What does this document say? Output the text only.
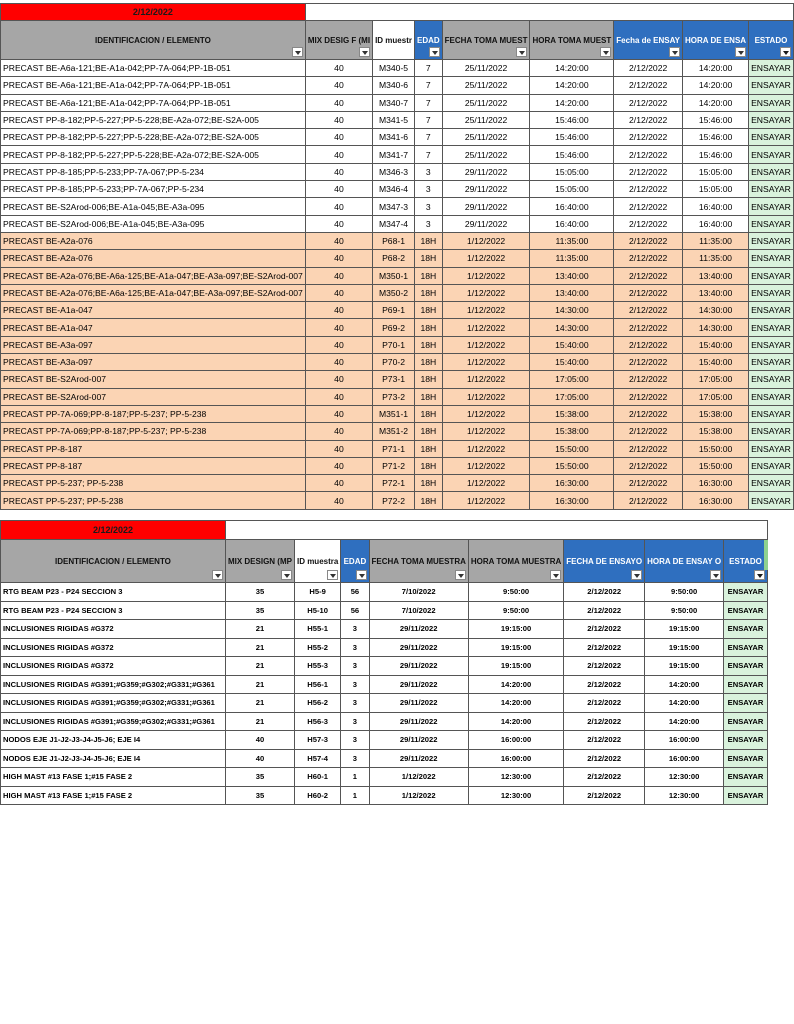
2/12/2022								
IDENTIFICACION / ELEMENTO	MIX DESIG F (MI	ID muestr	EDAD	FECHA TOMA MUEST	HORA TOMA MUEST	Fecha de ENSAY	HORA DE ENSA	ESTADO

PRECAST BE-A6a-121;BE-A1a-042;PP-7A-064;PP-1B-051	40	M340-5	7	25/11/2022	14:20:00	2/12/2022	14:20:00	ENSAYAR
PRECAST BE-A6a-121;BE-A1a-042;PP-7A-064;PP-1B-051	40	M340-6	7	25/11/2022	14:20:00	2/12/2022	14:20:00	ENSAYAR
PRECAST BE-A6a-121;BE-A1a-042;PP-7A-064;PP-1B-051	40	M340-7	7	25/11/2022	14:20:00	2/12/2022	14:20:00	ENSAYAR
PRECAST PP-8-182;PP-5-227;PP-5-228;BE-A2a-072;BE-S2A-005	40	M341-5	7	25/11/2022	15:46:00	2/12/2022	15:46:00	ENSAYAR
PRECAST PP-8-182;PP-5-227;PP-5-228;BE-A2a-072;BE-S2A-005	40	M341-6	7	25/11/2022	15:46:00	2/12/2022	15:46:00	ENSAYAR
PRECAST PP-8-182;PP-5-227;PP-5-228;BE-A2a-072;BE-S2A-005	40	M341-7	7	25/11/2022	15:46:00	2/12/2022	15:46:00	ENSAYAR
PRECAST PP-8-185;PP-5-233;PP-7A-067;PP-5-234	40	M346-3	3	29/11/2022	15:05:00	2/12/2022	15:05:00	ENSAYAR
PRECAST PP-8-185;PP-5-233;PP-7A-067;PP-5-234	40	M346-4	3	29/11/2022	15:05:00	2/12/2022	15:05:00	ENSAYAR
PRECAST BE-S2Arod-006;BE-A1a-045;BE-A3a-095	40	M347-3	3	29/11/2022	16:40:00	2/12/2022	16:40:00	ENSAYAR
PRECAST BE-S2Arod-006;BE-A1a-045;BE-A3a-095	40	M347-4	3	29/11/2022	16:40:00	2/12/2022	16:40:00	ENSAYAR
PRECAST BE-A2a-076	40	P68-1	18H	1/12/2022	11:35:00	2/12/2022	11:35:00	ENSAYAR
PRECAST BE-A2a-076	40	P68-2	18H	1/12/2022	11:35:00	2/12/2022	11:35:00	ENSAYAR
PRECAST BE-A2a-076;BE-A6a-125;BE-A1a-047;BE-A3a-097;BE-S2Arod-007	40	M350-1	18H	1/12/2022	13:40:00	2/12/2022	13:40:00	ENSAYAR
PRECAST BE-A2a-076;BE-A6a-125;BE-A1a-047;BE-A3a-097;BE-S2Arod-007	40	M350-2	18H	1/12/2022	13:40:00	2/12/2022	13:40:00	ENSAYAR
PRECAST BE-A1a-047	40	P69-1	18H	1/12/2022	14:30:00	2/12/2022	14:30:00	ENSAYAR
PRECAST BE-A1a-047	40	P69-2	18H	1/12/2022	14:30:00	2/12/2022	14:30:00	ENSAYAR
PRECAST BE-A3a-097	40	P70-1	18H	1/12/2022	15:40:00	2/12/2022	15:40:00	ENSAYAR
PRECAST BE-A3a-097	40	P70-2	18H	1/12/2022	15:40:00	2/12/2022	15:40:00	ENSAYAR
PRECAST BE-S2Arod-007	40	P73-1	18H	1/12/2022	17:05:00	2/12/2022	17:05:00	ENSAYAR
PRECAST BE-S2Arod-007	40	P73-2	18H	1/12/2022	17:05:00	2/12/2022	17:05:00	ENSAYAR
PRECAST PP-7A-069;PP-8-187;PP-5-237; PP-5-238	40	M351-1	18H	1/12/2022	15:38:00	2/12/2022	15:38:00	ENSAYAR
PRECAST PP-7A-069;PP-8-187;PP-5-237; PP-5-238	40	M351-2	18H	1/12/2022	15:38:00	2/12/2022	15:38:00	ENSAYAR
PRECAST PP-8-187	40	P71-1	18H	1/12/2022	15:50:00	2/12/2022	15:50:00	ENSAYAR
PRECAST PP-8-187	40	P71-2	18H	1/12/2022	15:50:00	2/12/2022	15:50:00	ENSAYAR
PRECAST PP-5-237; PP-5-238	40	P72-1	18H	1/12/2022	16:30:00	2/12/2022	16:30:00	ENSAYAR
PRECAST PP-5-237; PP-5-238	40	P72-2	18H	1/12/2022	16:30:00	2/12/2022	16:30:00	ENSAYAR
2/12/2022								
IDENTIFICACION / ELEMENTO	MIX DESIGN (MP	ID muestra	EDAD	FECHA TOMA MUESTRA	HORA TOMA MUESTRA	FECHA DE ENSAYO	HORA DE ENSAY O	ESTADO

RTG BEAM P23 - P24 SECCION 3	35	H5-9	56	7/10/2022	9:50:00	2/12/2022	9:50:00	ENSAYAR
RTG BEAM P23 - P24 SECCION 3	35	H5-10	56	7/10/2022	9:50:00	2/12/2022	9:50:00	ENSAYAR
INCLUSIONES RIGIDAS #G372	21	H55-1	3	29/11/2022	19:15:00	2/12/2022	19:15:00	ENSAYAR
INCLUSIONES RIGIDAS #G372	21	H55-2	3	29/11/2022	19:15:00	2/12/2022	19:15:00	ENSAYAR
INCLUSIONES RIGIDAS #G372	21	H55-3	3	29/11/2022	19:15:00	2/12/2022	19:15:00	ENSAYAR
INCLUSIONES RIGIDAS #G391;#G359;#G302;#G331;#G361	21	H56-1	3	29/11/2022	14:20:00	2/12/2022	14:20:00	ENSAYAR
INCLUSIONES RIGIDAS #G391;#G359;#G302;#G331;#G361	21	H56-2	3	29/11/2022	14:20:00	2/12/2022	14:20:00	ENSAYAR
INCLUSIONES RIGIDAS #G391;#G359;#G302;#G331;#G361	21	H56-3	3	29/11/2022	14:20:00	2/12/2022	14:20:00	ENSAYAR
NODOS EJE J1-J2-J3-J4-J5-J6; EJE I4	40	H57-3	3	29/11/2022	16:00:00	2/12/2022	16:00:00	ENSAYAR
NODOS EJE J1-J2-J3-J4-J5-J6; EJE I4	40	H57-4	3	29/11/2022	16:00:00	2/12/2022	16:00:00	ENSAYAR
HIGH MAST #13 FASE 1;#15 FASE 2	35	H60-1	1	1/12/2022	12:30:00	2/12/2022	12:30:00	ENSAYAR
HIGH MAST #13 FASE 1;#15 FASE 2	35	H60-2	1	1/12/2022	12:30:00	2/12/2022	12:30:00	ENSAYAR
